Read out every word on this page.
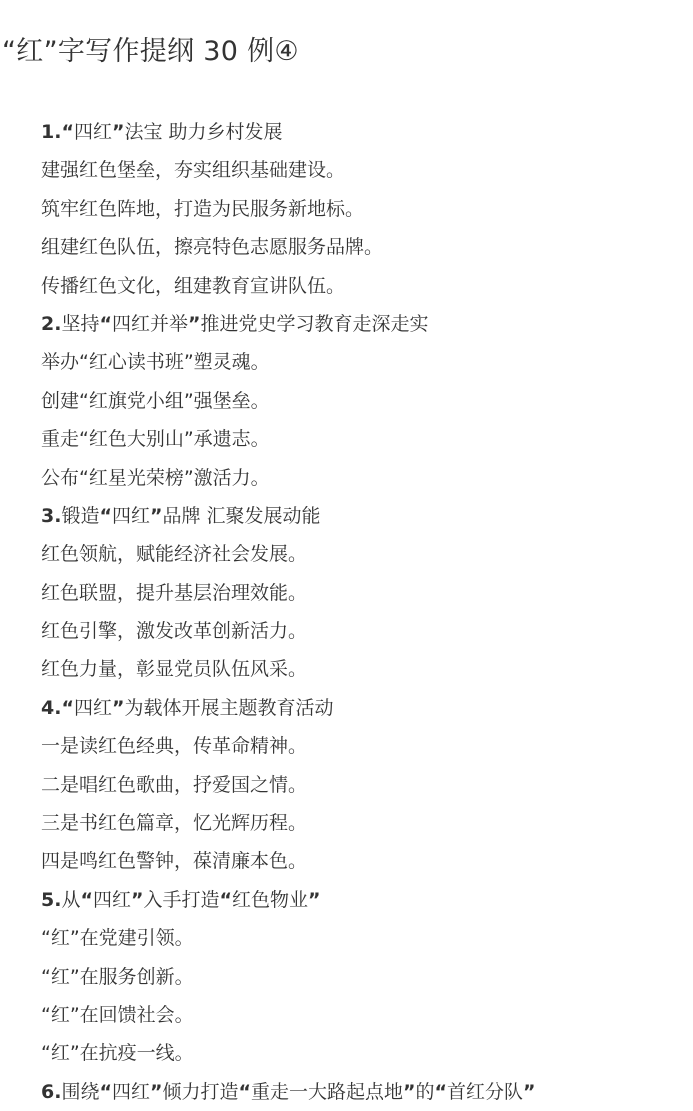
“红”字写作提纲 30 例④
1.“四红”法宝 助力乡村发展
建强红色堡垒，夯实组织基础建设。
筑牢红色阵地，打造为民服务新地标。
组建红色队伍，擦亮特色志愿服务品牌。
传播红色文化，组建教育宣讲队伍。
2.坚持“四红并举”推进党史学习教育走深走实
举办“红心读书班”塑灵魂。
创建“红旗党小组”强堡垒。
重走“红色大别山”承遗志。
公布“红星光荣榜”激活力。
3.锻造“四红”品牌 汇聚发展动能
红色领航，赋能经济社会发展。
红色联盟，提升基层治理效能。
红色引擎，激发改革创新活力。
红色力量，彰显党员队伍风采。
4.“四红”为载体开展主题教育活动
一是读红色经典，传革命精神。
二是唱红色歌曲，抒爱国之情。
三是书红色篇章，忆光辉历程。
四是鸣红色警钟，葆清廉本色。
5.从“四红”入手打造“红色物业”
“红”在党建引领。
“红”在服务创新。
“红”在回馈社会。
“红”在抗疫一线。
6.围绕“四红”倾力打造“重走一大路起点地”的“首红分队”
